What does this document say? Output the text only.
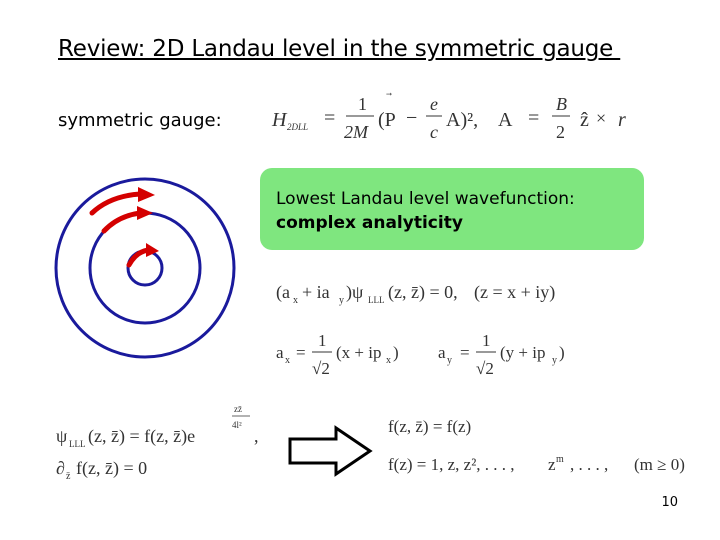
Review: 2D Landau level in the symmetric gauge
symmetric gauge:	H 2DLL =
1
2M
(P −
e
c
A)², A =
B
2
ẑ × r
Lowest Landau level wavefunction:
complex analyticity
(a x + ia y )ψ LLL (z, z̄) = 0, (z = x + iy)
a x =
1
√2
(x + ip x ) a y =
1
√2
(y + ip y )
ψ LLL (z, z̄) = f(z, z̄)e
zz̄
4l²
,
∂ z̄ f(z, z̄) = 0
f(z, z̄) = f(z)
f(z) = 1, z, z², . . . , z m , . . . , (m ≥ 0)
10
